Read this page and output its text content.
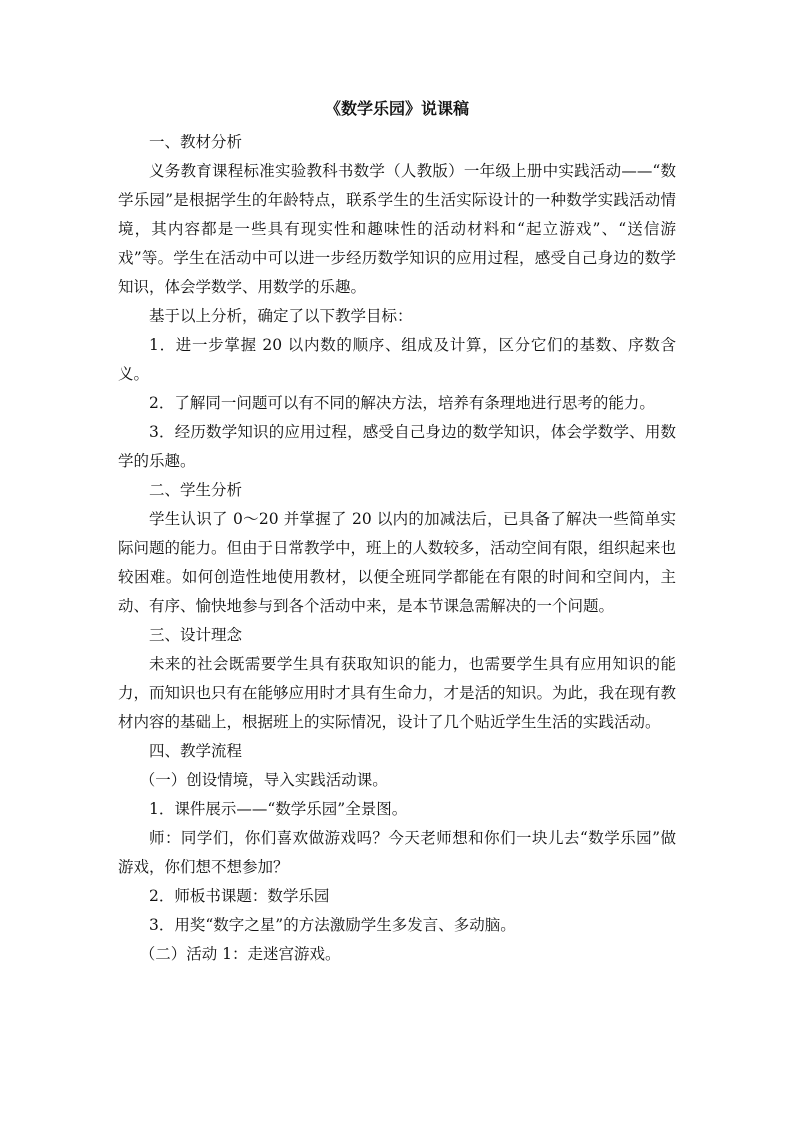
《数学乐园》说课稿

一、教材分析

义务教育课程标准实验教科书数学（人教版）一年级上册中实践活动——“数学乐园”是根据学生的年龄特点，联系学生的生活实际设计的一种数学实践活动情境，其内容都是一些具有现实性和趣味性的活动材料和“起立游戏”、“送信游戏”等。学生在活动中可以进一步经历数学知识的应用过程，感受自己身边的数学知识，体会学数学、用数学的乐趣。

基于以上分析，确定了以下教学目标：

1．进一步掌握 20 以内数的顺序、组成及计算，区分它们的基数、序数含义。

2．了解同一问题可以有不同的解决方法，培养有条理地进行思考的能力。

3．经历数学知识的应用过程，感受自己身边的数学知识，体会学数学、用数学的乐趣。

二、学生分析

学生认识了 0～20 并掌握了 20 以内的加减法后，已具备了解决一些简单实际问题的能力。但由于日常教学中，班上的人数较多，活动空间有限，组织起来也较困难。如何创造性地使用教材，以便全班同学都能在有限的时间和空间内，主动、有序、愉快地参与到各个活动中来，是本节课急需解决的一个问题。

三、设计理念

未来的社会既需要学生具有获取知识的能力，也需要学生具有应用知识的能力，而知识也只有在能够应用时才具有生命力，才是活的知识。为此，我在现有教材内容的基础上，根据班上的实际情况，设计了几个贴近学生生活的实践活动。

四、教学流程

（一）创设情境，导入实践活动课。

1．课件展示——“数学乐园”全景图。

师：同学们，你们喜欢做游戏吗？今天老师想和你们一块儿去“数学乐园”做游戏，你们想不想参加？

2．师板书课题：数学乐园

3．用奖“数字之星”的方法激励学生多发言、多动脑。

（二）活动 1：走迷宫游戏。
